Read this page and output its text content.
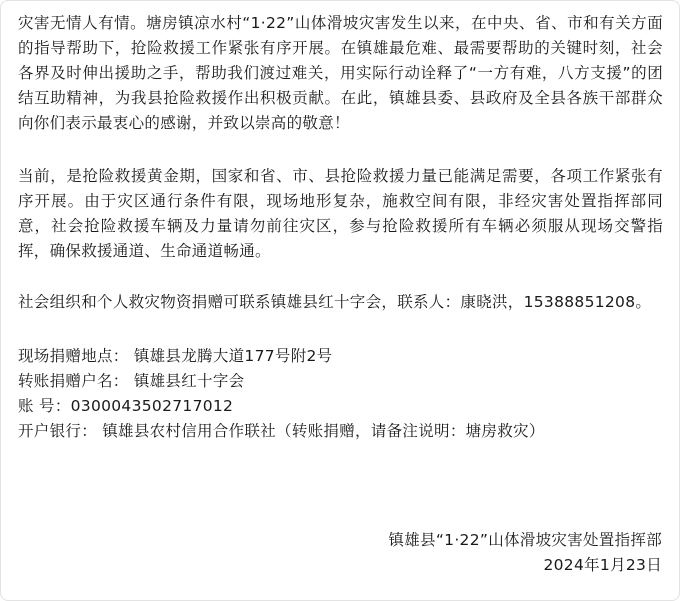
灾害无情人有情。塘房镇凉水村“1·22”山体滑坡灾害发生以来，在中央、省、市和有关方面的指导帮助下，抢险救援工作紧张有序开展。在镇雄最危难、最需要帮助的关键时刻，社会各界及时伸出援助之手，帮助我们渡过难关，用实际行动诠释了“一方有难，八方支援”的团结互助精神，为我县抢险救援作出积极贡献。在此，镇雄县委、县政府及全县各族干部群众向你们表示最衷心的感谢，并致以崇高的敬意！

当前，是抢险救援黄金期，国家和省、市、县抢险救援力量已能满足需要，各项工作紧张有序开展。由于灾区通行条件有限，现场地形复杂，施救空间有限，非经灾害处置指挥部同意，社会抢险救援车辆及力量请勿前往灾区，参与抢险救援所有车辆必须服从现场交警指挥，确保救援通道、生命通道畅通。

社会组织和个人救灾物资捐赠可联系镇雄县红十字会，联系人：康晓洪，15388851208。

现场捐赠地点： 镇雄县龙腾大道177号附2号

转账捐赠户名： 镇雄县红十字会

账 号：0300043502717012

开户银行： 镇雄县农村信用合作联社（转账捐赠，请备注说明：塘房救灾）

镇雄县“1·22”山体滑坡灾害处置指挥部

2024年1月23日
